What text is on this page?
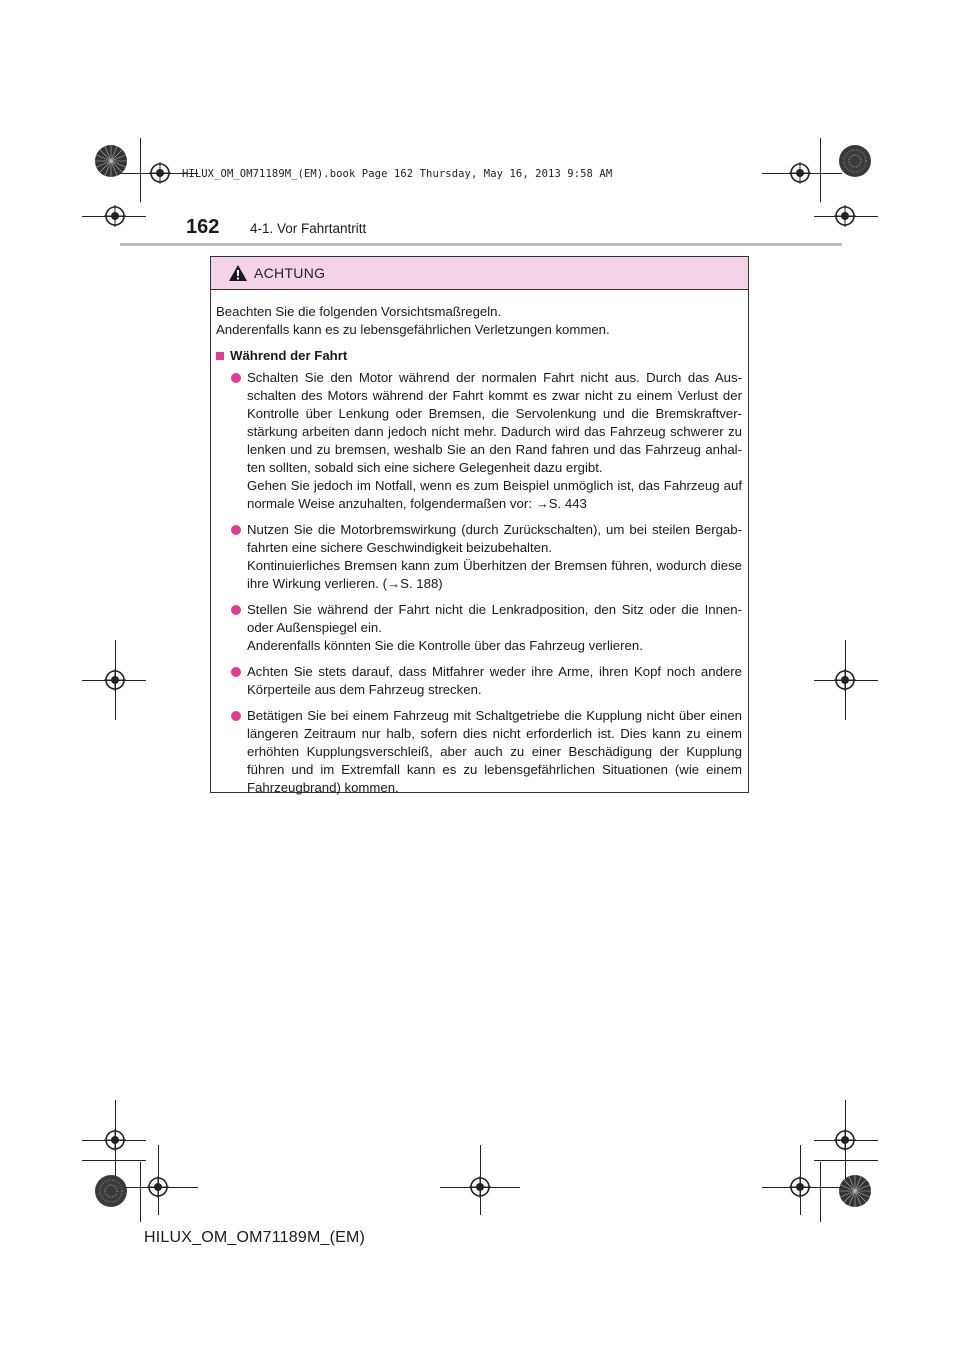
HILUX_OM_OM71189M_(EM).book Page 162 Thursday, May 16, 2013 9:58 AM
162 4-1. Vor Fahrtantritt
ACHTUNG

Beachten Sie die folgenden Vorsichtsmaßregeln.

Anderenfalls kann es zu lebensgefährlichen Verletzungen kommen.

Während der Fahrt

Schalten Sie den Motor während der normalen Fahrt nicht aus. Durch das Aus-schalten des Motors während der Fahrt kommt es zwar nicht zu einem Verlust der Kontrolle über Lenkung oder Bremsen, die Servolenkung und die Bremskraftver-stärkung arbeiten dann jedoch nicht mehr. Dadurch wird das Fahrzeug schwerer zu lenken und zu bremsen, weshalb Sie an den Rand fahren und das Fahrzeug anhal-ten sollten, sobald sich eine sichere Gelegenheit dazu ergibt.

Gehen Sie jedoch im Notfall, wenn es zum Beispiel unmöglich ist, das Fahrzeug auf normale Weise anzuhalten, folgendermaßen vor: →S. 443

Nutzen Sie die Motorbremswirkung (durch Zurückschalten), um bei steilen Bergab-fahrten eine sichere Geschwindigkeit beizubehalten.

Kontinuierliches Bremsen kann zum Überhitzen der Bremsen führen, wodurch diese ihre Wirkung verlieren. (→S. 188)

Stellen Sie während der Fahrt nicht die Lenkradposition, den Sitz oder die Innen- oder Außenspiegel ein.

Anderenfalls könnten Sie die Kontrolle über das Fahrzeug verlieren.

Achten Sie stets darauf, dass Mitfahrer weder ihre Arme, ihren Kopf noch andere Körperteile aus dem Fahrzeug strecken.

Betätigen Sie bei einem Fahrzeug mit Schaltgetriebe die Kupplung nicht über einen längeren Zeitraum nur halb, sofern dies nicht erforderlich ist. Dies kann zu einem erhöhten Kupplungsverschleiß, aber auch zu einer Beschädigung der Kupplung führen und im Extremfall kann es zu lebensgefährlichen Situationen (wie einem Fahrzeugbrand) kommen.

HILUX_OM_OM71189M_(EM)
